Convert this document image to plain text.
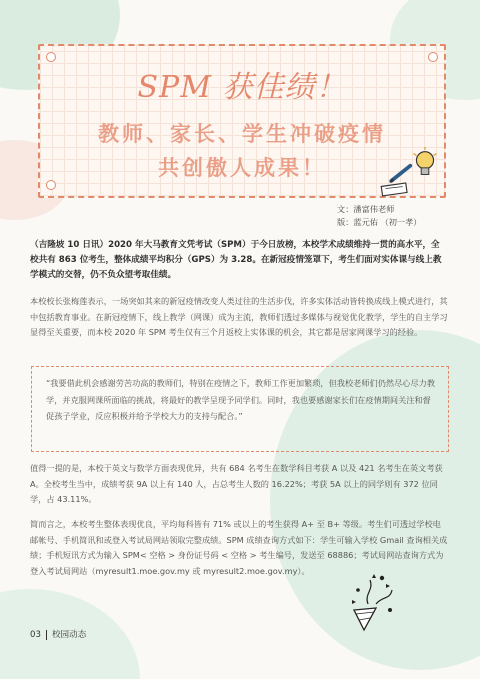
SPM 获佳绩！
教师、家长、学生冲破疫情
共创傲人成果！
文：潘富伟老师
版：蓝元佑 （初一孝）
（吉隆坡 10 日讯）2020 年大马教育文凭考试（SPM）于今日放榜，本校学术成绩维持一贯的高水平，全校共有 863 位考生，整体成绩平均积分（GPS）为 3.28。在新冠疫情笼罩下，考生们面对实体课与线上教学模式的交替，仍不负众望考取佳绩。
本校校长张梅莲表示，一场突如其来的新冠疫情改变人类过往的生活步伐，许多实体活动皆转换成线上模式进行，其中包括教育事业。在新冠疫情下，线上教学（网课）成为主流，教师们透过多媒体与视觉优化教学，学生的自主学习显得至关重要，而本校 2020 年 SPM 考生仅有三个月返校上实体课的机会，其它都是居家网课学习的经验。
“我要借此机会感谢劳苦功高的教师们，特别在疫情之下，教师工作更加繁琐，但我校老师们仍然尽心尽力教学，并克服网课所面临的挑战，将最好的教学呈现予同学们。同时，我也要感谢家长们在疫情期间关注和督促孩子学业，反应积极并给予学校大力的支持与配合。”
值得一提的是，本校于英文与数学方面表现优异，共有 684 名考生在数学科目考获 A 以及 421 名考生在英文考获 A。全校考生当中，成绩考获 9A 以上有 140 人，占总考生人数的 16.22%；考获 5A 以上的同学则有 372 位同学，占 43.11%。
简而言之，本校考生整体表现优良，平均每科皆有 71% 或以上的考生获得 A+ 至 B+ 等级。考生们可透过学校电邮帐号、手机简讯和或登入考试局网站领取完整成绩。SPM 成绩查询方式如下：学生可输入学校 Gmail 查询相关成绩；手机短讯方式为输入 SPM< 空格 > 身份证号码 < 空格 > 考生编号，发送至 68886；考试局网站查询方式为登入考试局网站（myresult1.moe.gov.my 或 myresult2.moe.gov.my）。
03 校园动态
